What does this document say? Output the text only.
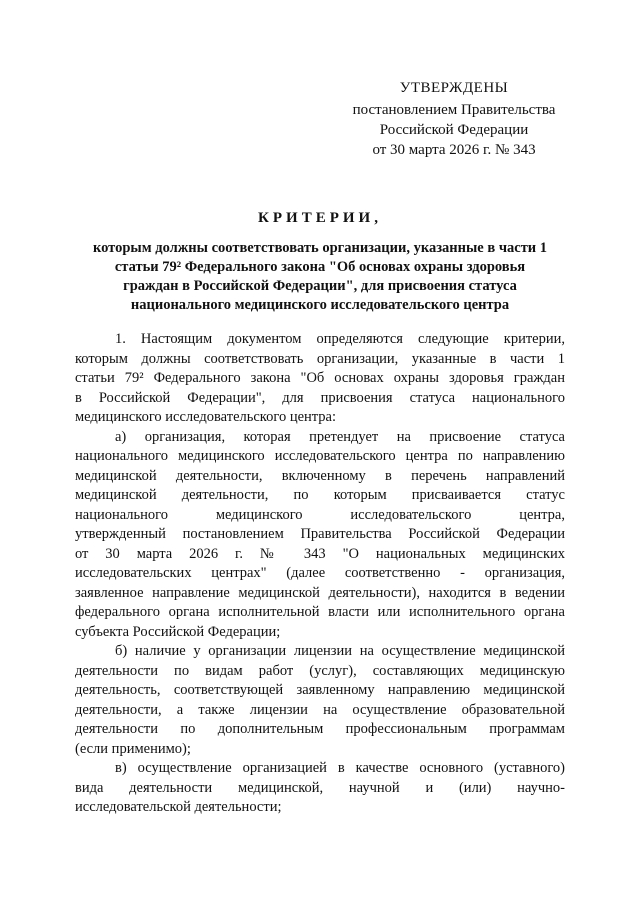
УТВЕРЖДЕНЫ
постановлением Правительства
Российской Федерации
от 30 марта 2026 г. № 343
КРИТЕРИИ,
которым должны соответствовать организации, указанные в части 1
статьи 79² Федерального закона "Об основах охраны здоровья
граждан в Российской Федерации", для присвоения статуса
национального медицинского исследовательского центра
1. Настоящим документом определяются следующие критерии,
которым должны соответствовать организации, указанные в части 1
статьи 79² Федерального закона "Об основах охраны здоровья граждан
в Российской Федерации", для присвоения статуса национального
медицинского исследовательского центра:
а) организация, которая претендует на присвоение статуса
национального медицинского исследовательского центра по направлению
медицинской деятельности, включенному в перечень направлений
медицинской деятельности, по которым присваивается статус
национального медицинского исследовательского центра,
утвержденный постановлением Правительства Российской Федерации
от 30 марта 2026 г. № 343 "О национальных медицинских
исследовательских центрах" (далее соответственно - организация,
заявленное направление медицинской деятельности), находится в ведении
федерального органа исполнительной власти или исполнительного органа
субъекта Российской Федерации;
б) наличие у организации лицензии на осуществление медицинской
деятельности по видам работ (услуг), составляющих медицинскую
деятельность, соответствующей заявленному направлению медицинской
деятельности, а также лицензии на осуществление образовательной
деятельности по дополнительным профессиональным программам
(если применимо);
в) осуществление организацией в качестве основного (уставного)
вида деятельности медицинской, научной и (или) научно-
исследовательской деятельности;
